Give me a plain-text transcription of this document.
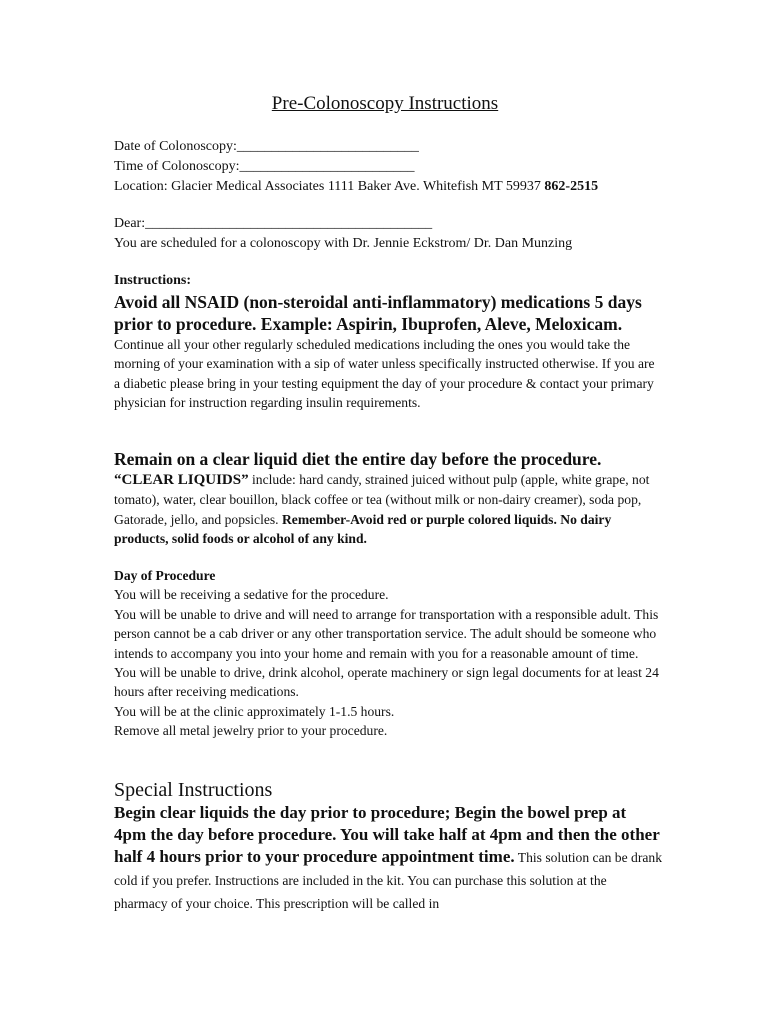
Pre-Colonoscopy Instructions
Date of Colonoscopy:__________________________
Time of Colonoscopy:_________________________
Location: Glacier Medical Associates 1111 Baker Ave. Whitefish MT 59937 862-2515
Dear:_________________________________________
You are scheduled for a colonoscopy with Dr. Jennie Eckstrom/ Dr. Dan Munzing
Instructions:
Avoid all NSAID (non-steroidal anti-inflammatory) medications 5 days prior to procedure. Example: Aspirin, Ibuprofen, Aleve, Meloxicam.
Continue all your other regularly scheduled medications including the ones you would take the morning of your examination with a sip of water unless specifically instructed otherwise. If you are a diabetic please bring in your testing equipment the day of your procedure & contact your primary physician for instruction regarding insulin requirements.
Remain on a clear liquid diet the entire day before the procedure.
“CLEAR LIQUIDS” include: hard candy, strained juiced without pulp (apple, white grape, not tomato), water, clear bouillon, black coffee or tea (without milk or non-dairy creamer), soda pop, Gatorade, jello, and popsicles. Remember-Avoid red or purple colored liquids. No dairy products, solid foods or alcohol of any kind.
Day of Procedure
You will be receiving a sedative for the procedure.
You will be unable to drive and will need to arrange for transportation with a responsible adult. This person cannot be a cab driver or any other transportation service. The adult should be someone who intends to accompany you into your home and remain with you for a reasonable amount of time.
You will be unable to drive, drink alcohol, operate machinery or sign legal documents for at least 24 hours after receiving medications.
You will be at the clinic approximately 1-1.5 hours.
Remove all metal jewelry prior to your procedure.
Special Instructions
Begin clear liquids the day prior to procedure; Begin the bowel prep at 4pm the day before procedure. You will take half at 4pm and then the other half 4 hours prior to your procedure appointment time. This solution can be drank cold if you prefer. Instructions are included in the kit. You can purchase this solution at the pharmacy of your choice. This prescription will be called in
